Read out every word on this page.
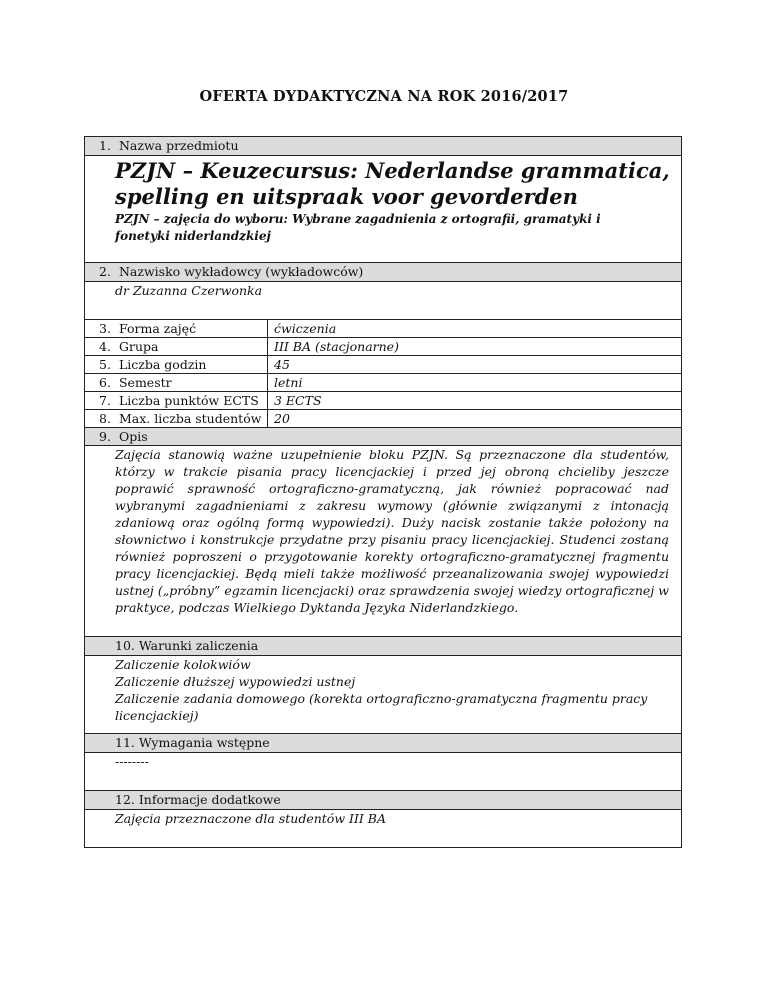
OFERTA DYDAKTYCZNA NA ROK 2016/2017
1. Nazwa przedmiotu
PZJN – Keuzecursus: Nederlandse grammatica,
spelling en uitspraak voor gevorderden
PZJN – zajęcia do wyboru: Wybrane zagadnienia z ortografii, gramatyki i
fonetyki niderlandzkiej
2. Nazwisko wykładowcy (wykładowców)
dr Zuzanna Czerwonka
3. Forma zajęć	ćwiczenia
4. Grupa	III BA (stacjonarne)
5. Liczba godzin	45
6. Semestr	letni
7. Liczba punktów ECTS	3 ECTS
8. Max. liczba studentów	20
9. Opis

Zajęcia stanowią ważne uzupełnienie bloku PZJN. Są przeznaczone dla studentów, którzy w trakcie pisania pracy licencjackiej i przed jej obroną chcieliby jeszcze poprawić sprawność ortograficzno-gramatyczną, jak również popracować nad wybranymi zagadnieniami z zakresu wymowy (głównie związanymi z intonacją zdaniową oraz ogólną formą wypowiedzi). Duży nacisk zostanie także położony na słownictwo i konstrukcje przydatne przy pisaniu pracy licencjackiej. Studenci zostaną również poproszeni o przygotowanie korekty ortograficzno-gramatycznej fragmentu pracy licencjackiej. Będą mieli także możliwość przeanalizowania swojej wypowiedzi ustnej („próbny” egzamin licencjacki) oraz sprawdzenia swojej wiedzy ortograficznej w praktyce, podczas Wielkiego Dyktanda Języka Niderlandzkiego.

10. Warunki zaliczenia
Zaliczenie kolokwiów
Zaliczenie dłuższej wypowiedzi ustnej
Zaliczenie zadania domowego (korekta ortograficzno-gramatyczna fragmentu pracy
licencjackiej)
11. Wymagania wstępne
--------
12. Informacje dodatkowe
Zajęcia przeznaczone dla studentów III BA
